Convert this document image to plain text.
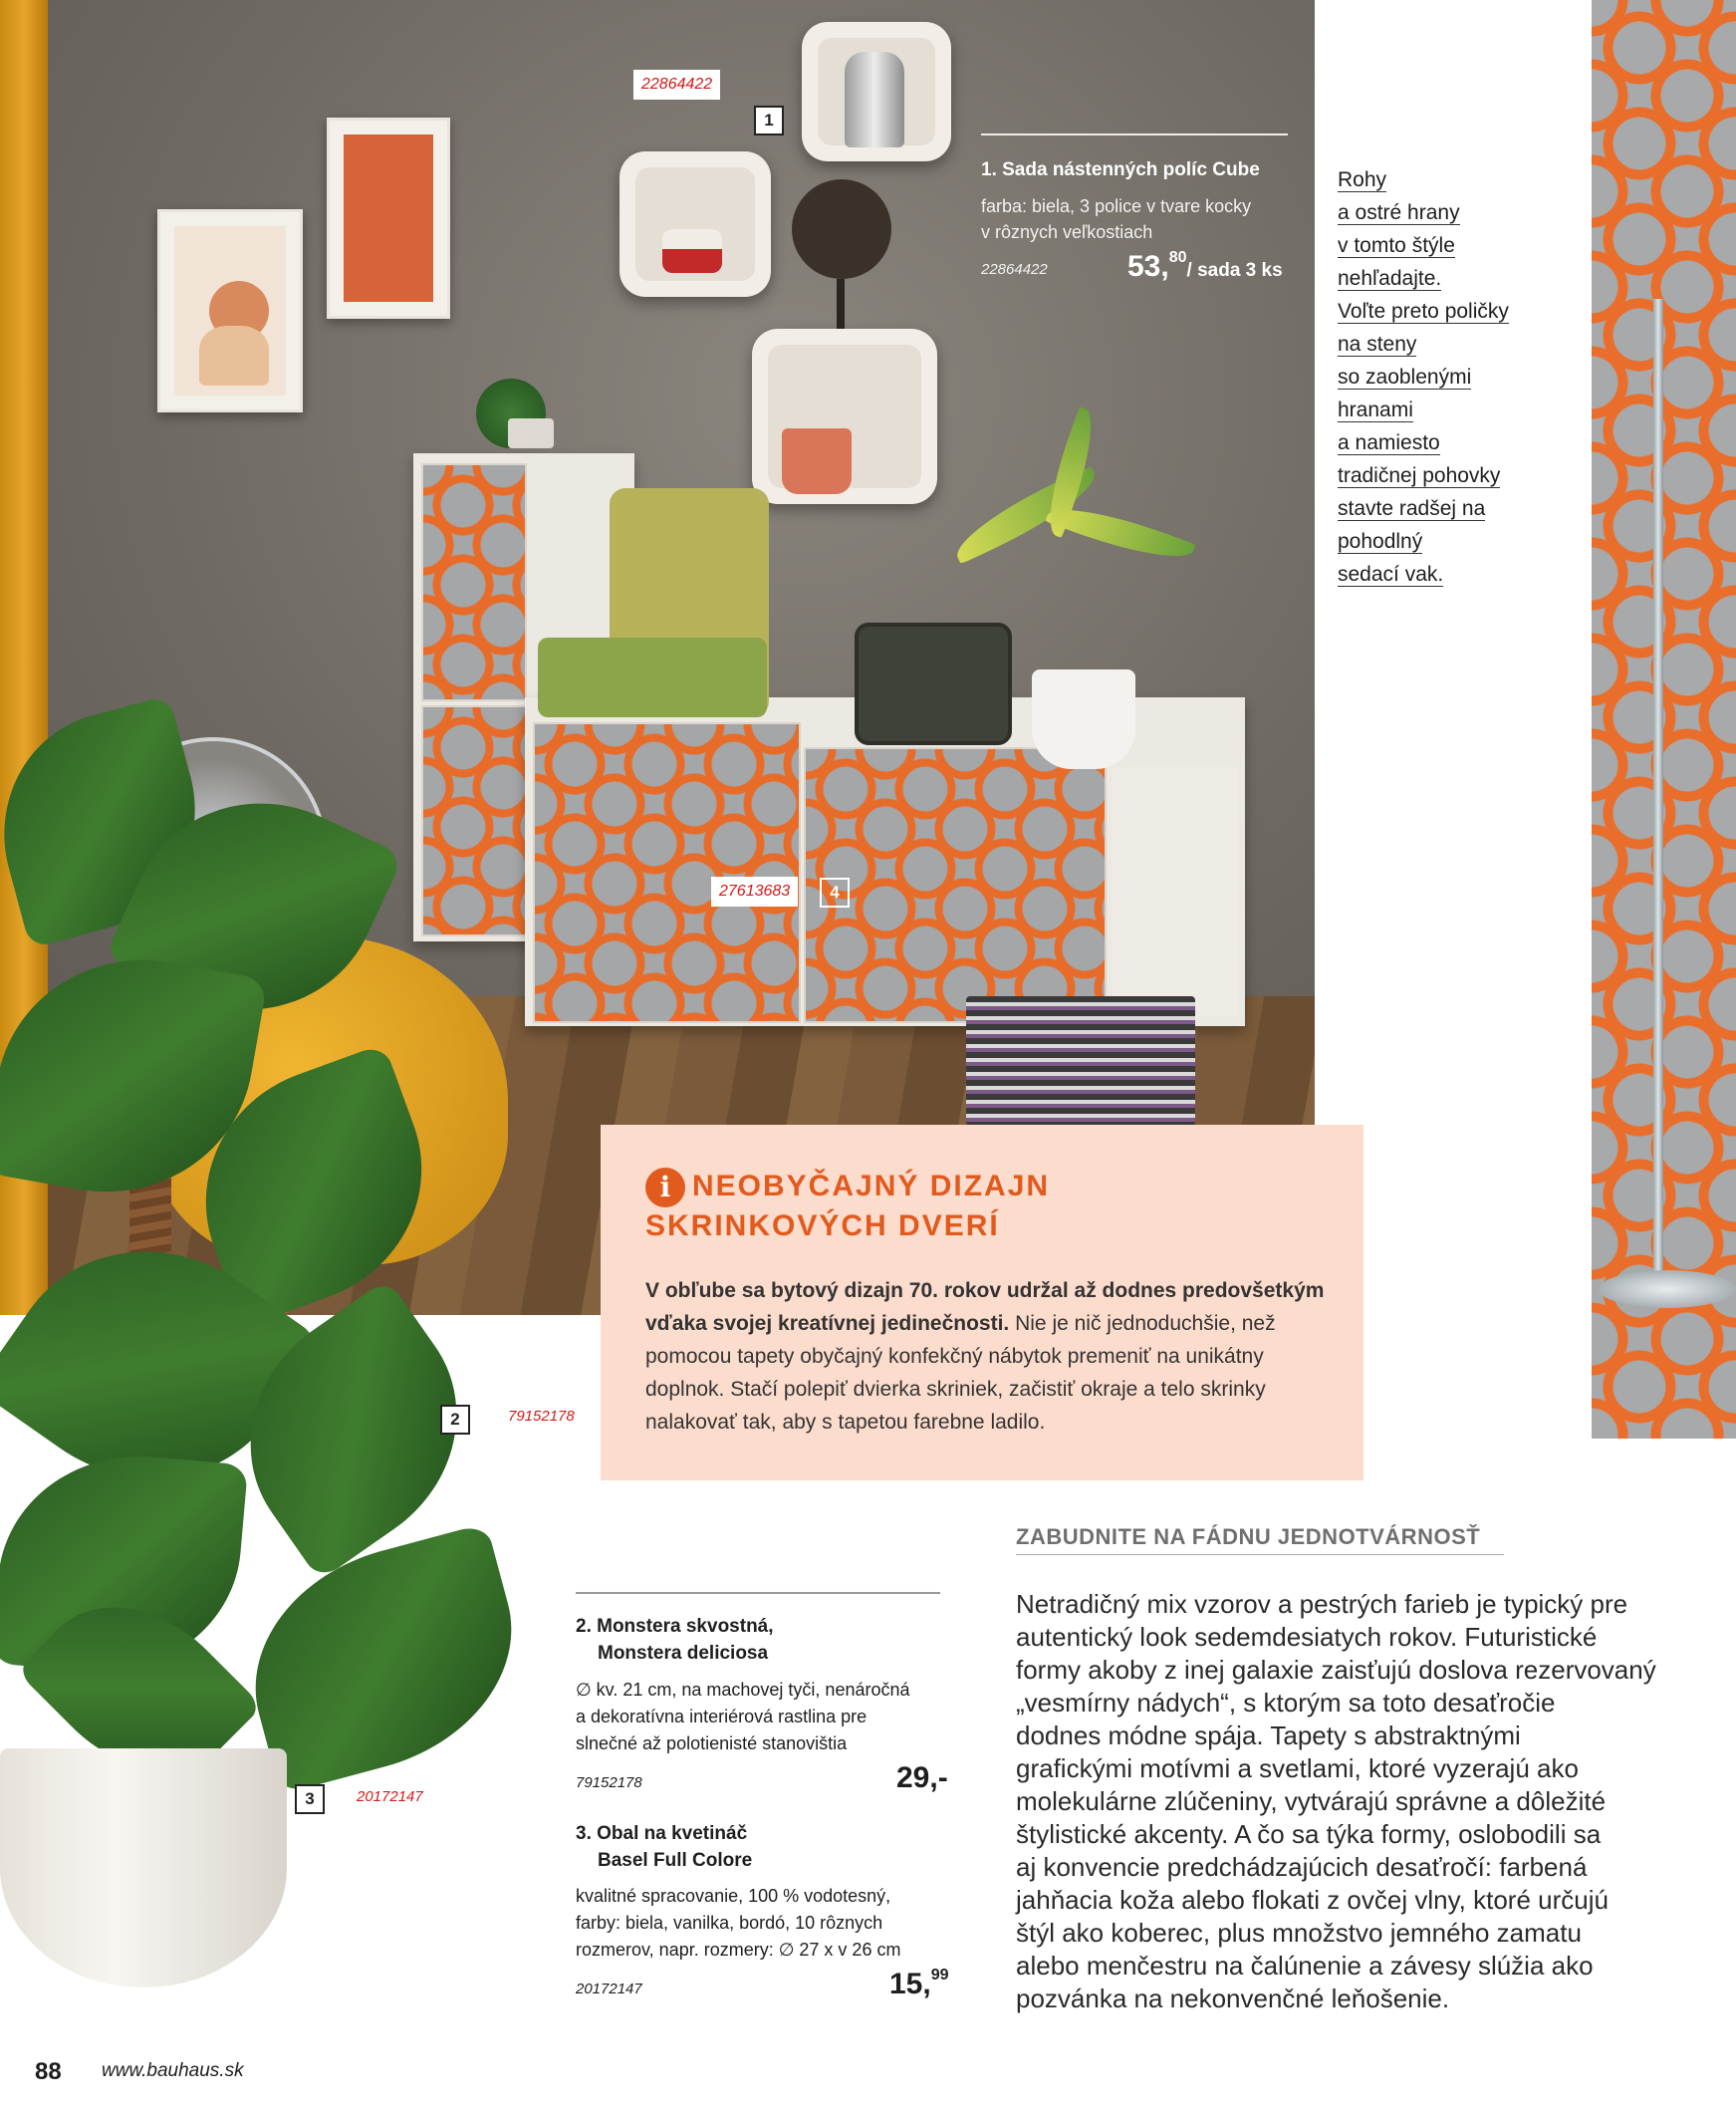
22864422
1
27613683	4
2	79152178
3	20172147
1. Sada nástenných políc Cube
farba: biela, 3 police v tvare kocky
v rôznych veľkostiach
22864422	53,80/ sada 3 ks
Rohy
a ostré hrany
v tomto štýle
nehľadajte.
Voľte preto poličky
na steny
so zaoblenými
hranami
a namiesto
tradičnej pohovky
stavte radšej na
pohodlný
sedací vak.
i NEOBYČAJNÝ DIZAJN
SKRINKOVÝCH DVERÍ
V obľube sa bytový dizajn 70. rokov udržal až dodnes predovšetkým vďaka svojej kreatívnej jedinečnosti. Nie je nič jednoduchšie, než pomocou tapety obyčajný konfekčný nábytok premeniť na unikátny doplnok. Stačí polepiť dvierka skriniek, začistiť okraje a telo skrinky nalakovať tak, aby s tapetou farebne ladilo.
2. Monstera skvostná,
Monstera deliciosa
∅ kv. 21 cm, na machovej tyči, nenáročná
a dekoratívna interiérová rastlina pre
slnečné až polotienisté stanovištia
79152178	29,-
3. Obal na kvetináč
Basel Full Colore
kvalitné spracovanie, 100 % vodotesný,
farby: biela, vanilka, bordó, 10 rôznych
rozmerov, napr. rozmery: ∅ 27 x v 26 cm
20172147	15,99
ZABUDNITE NA FÁDNU JEDNOTVÁRNOSŤ
Netradičný mix vzorov a pestrých farieb je typický pre
autentický look sedemdesiatych rokov. Futuristické
formy akoby z inej galaxie zaisťujú doslova rezervovaný
„vesmírny nádych“, s ktorým sa toto desaťročie
dodnes módne spája. Tapety s abstraktnými
grafickými motívmi a svetlami, ktoré vyzerajú ako
molekulárne zlúčeniny, vytvárajú správne a dôležité
štylistické akcenty. A čo sa týka formy, oslobodili sa
aj konvencie predchádzajúcich desaťročí: farbená
jahňacia koža alebo flokati z ovčej vlny, ktoré určujú
štýl ako koberec, plus množstvo jemného zamatu
alebo menčestru na čalúnenie a závesy slúžia ako
pozvánka na nekonvenčné leňošenie.
88 www.bauhaus.sk
